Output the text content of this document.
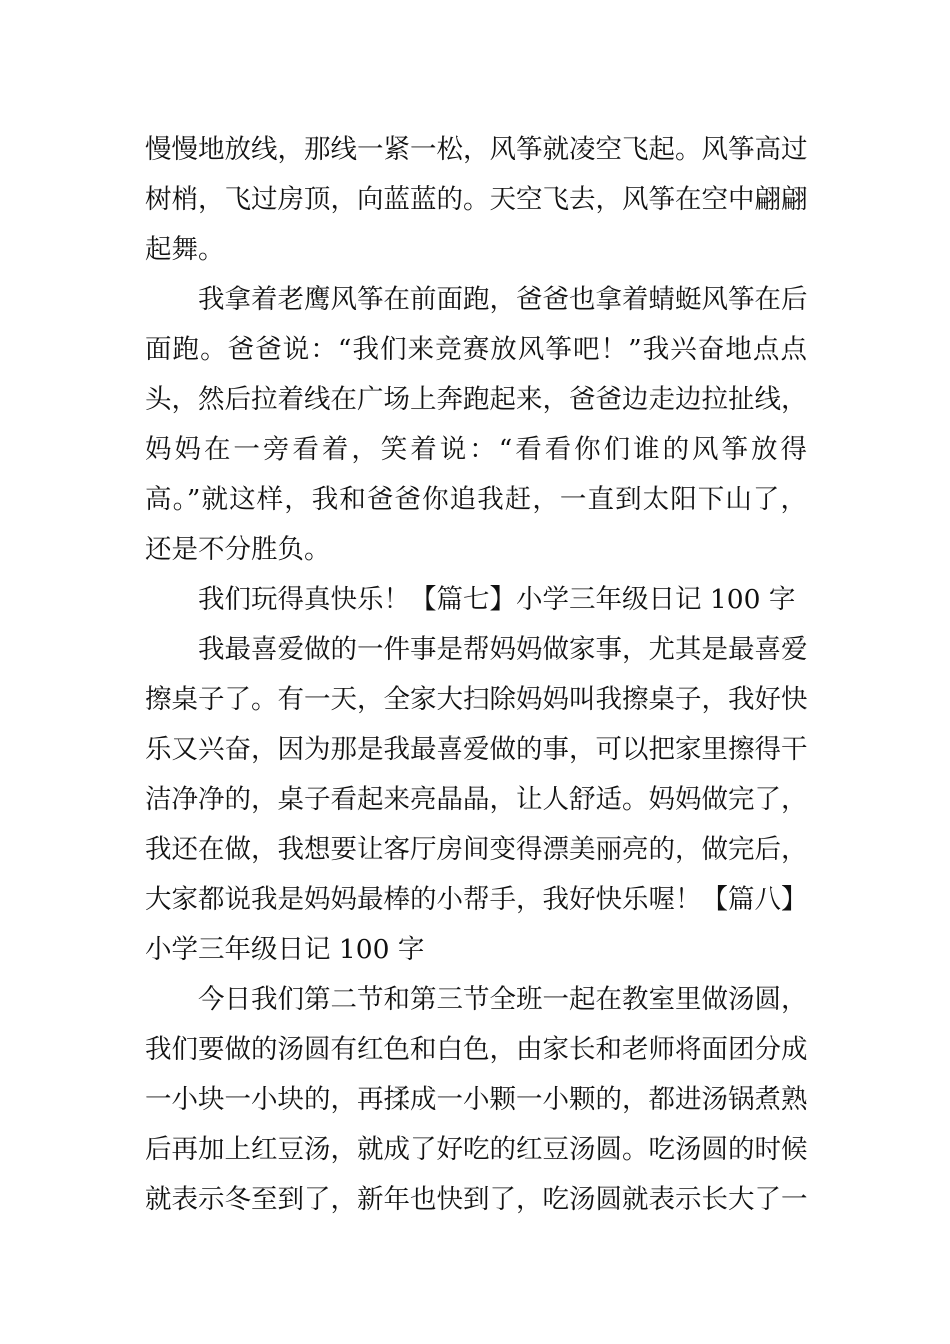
慢慢地放线，那线一紧一松，风筝就凌空飞起。风筝高过
树梢，飞过房顶，向蓝蓝的。天空飞去，风筝在空中翩翩
起舞。
我拿着老鹰风筝在前面跑，爸爸也拿着蜻蜓风筝在后
面跑。爸爸说：“我们来竞赛放风筝吧！”我兴奋地点点
头，然后拉着线在广场上奔跑起来，爸爸边走边拉扯线，
妈妈在一旁看着，笑着说：“看看你们谁的风筝放得
高。”就这样，我和爸爸你追我赶，一直到太阳下山了，
还是不分胜负。
我们玩得真快乐！【篇七】小学三年级日记 100 字
我最喜爱做的一件事是帮妈妈做家事，尤其是最喜爱
擦桌子了。有一天，全家大扫除妈妈叫我擦桌子，我好快
乐又兴奋，因为那是我最喜爱做的事，可以把家里擦得干
洁净净的，桌子看起来亮晶晶，让人舒适。妈妈做完了，
我还在做，我想要让客厅房间变得漂美丽亮的，做完后，
大家都说我是妈妈最棒的小帮手，我好快乐喔！【篇八】
小学三年级日记 100 字
今日我们第二节和第三节全班一起在教室里做汤圆，
我们要做的汤圆有红色和白色，由家长和老师将面团分成
一小块一小块的，再揉成一小颗一小颗的，都进汤锅煮熟
后再加上红豆汤，就成了好吃的红豆汤圆。吃汤圆的时候
就表示冬至到了，新年也快到了，吃汤圆就表示长大了一
